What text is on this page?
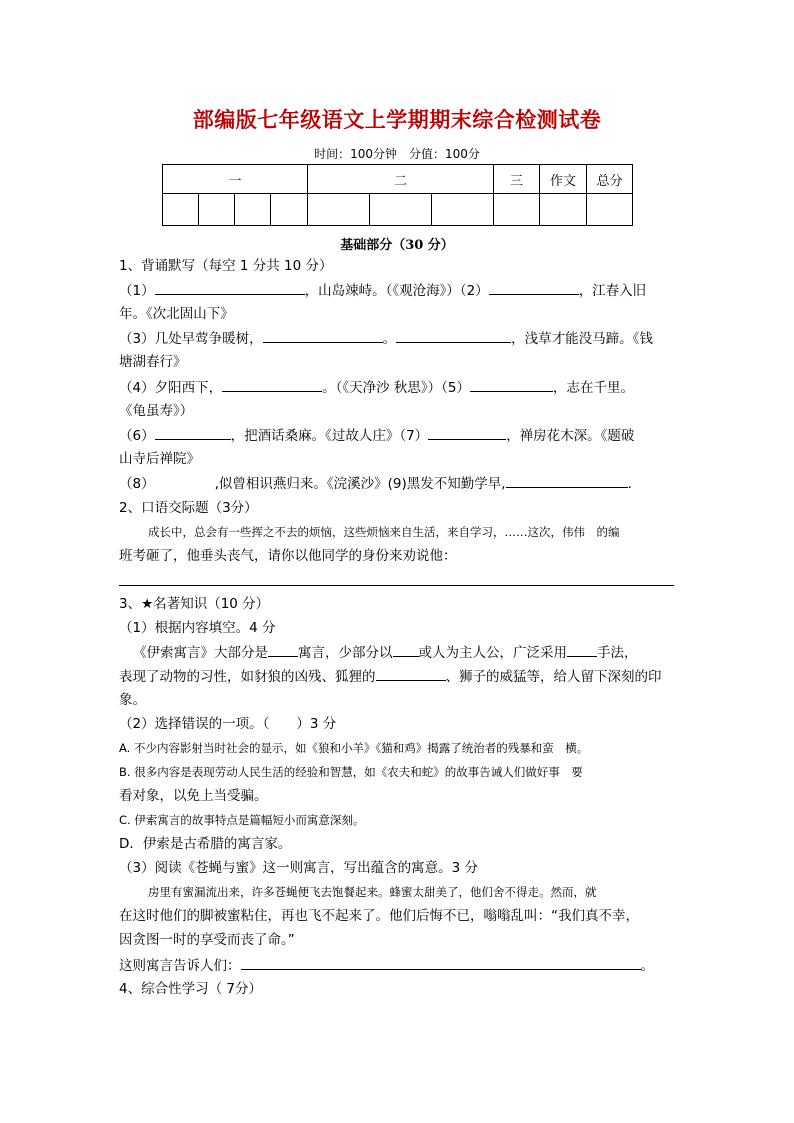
部编版七年级语文上学期期末综合检测试卷
时间：100分钟　分值：100分
一				二			三	作文	总分

基础部分（30 分）
1、背诵默写（每空 1 分共 10 分）
（1）	，山岛竦峙。（《观沧海》）（2）	，江春入旧
年。《次北固山下》
（3）几处早莺争暖树，	。	，浅草才能没马蹄。《钱
塘湖春行》
（4）夕阳西下，	。（《天净沙 秋思》）（5）	，志在千里。
《龟虽寿》）
（6）	，把酒话桑麻。《过故人庄》（7）	，禅房花木深。《题破
山寺后禅院》
（8）	,似曾相识燕归来。《浣溪沙》(9)黑发不知勤学早,	.
2、口语交际题（3分）
成长中，总会有一些挥之不去的烦恼，这些烦恼来自生活，来自学习，……这次，伟伟　的编
班考砸了，他垂头丧气，请你以他同学的身份来劝说他：
3、★名著知识（10 分）
（1）根据内容填空。4 分
《伊索寓言》大部分是 寓言，少部分以 或人为主人公，广泛采用 手法，
表现了动物的习性，如豺狼的凶残、狐狸的	、狮子的威猛等，给人留下深刻的印
象。
（2）选择错误的一项。（　　）3 分
A. 不少内容影射当时社会的显示，如《狼和小羊》《猫和鸡》揭露了统治者的残暴和蛮　横。
B. 很多内容是表现劳动人民生活的经验和智慧，如《农夫和蛇》的故事告诫人们做好事　要
看对象，以免上当受骗。
C. 伊索寓言的故事特点是篇幅短小而寓意深刻。
D．伊索是古希腊的寓言家。
（3）阅读《苍蝇与蜜》这一则寓言，写出蕴含的寓意。3 分
房里有蜜漏流出来，许多苍蝇便飞去饱餐起来。蜂蜜太甜美了，他们舍不得走。然而，就
在这时他们的脚被蜜粘住，再也飞不起来了。他们后悔不已，嗡嗡乱叫：“我们真不幸，
因贪图一时的享受而丧了命。”
这则寓言告诉人们：	。
4、综合性学习（ 7分）
